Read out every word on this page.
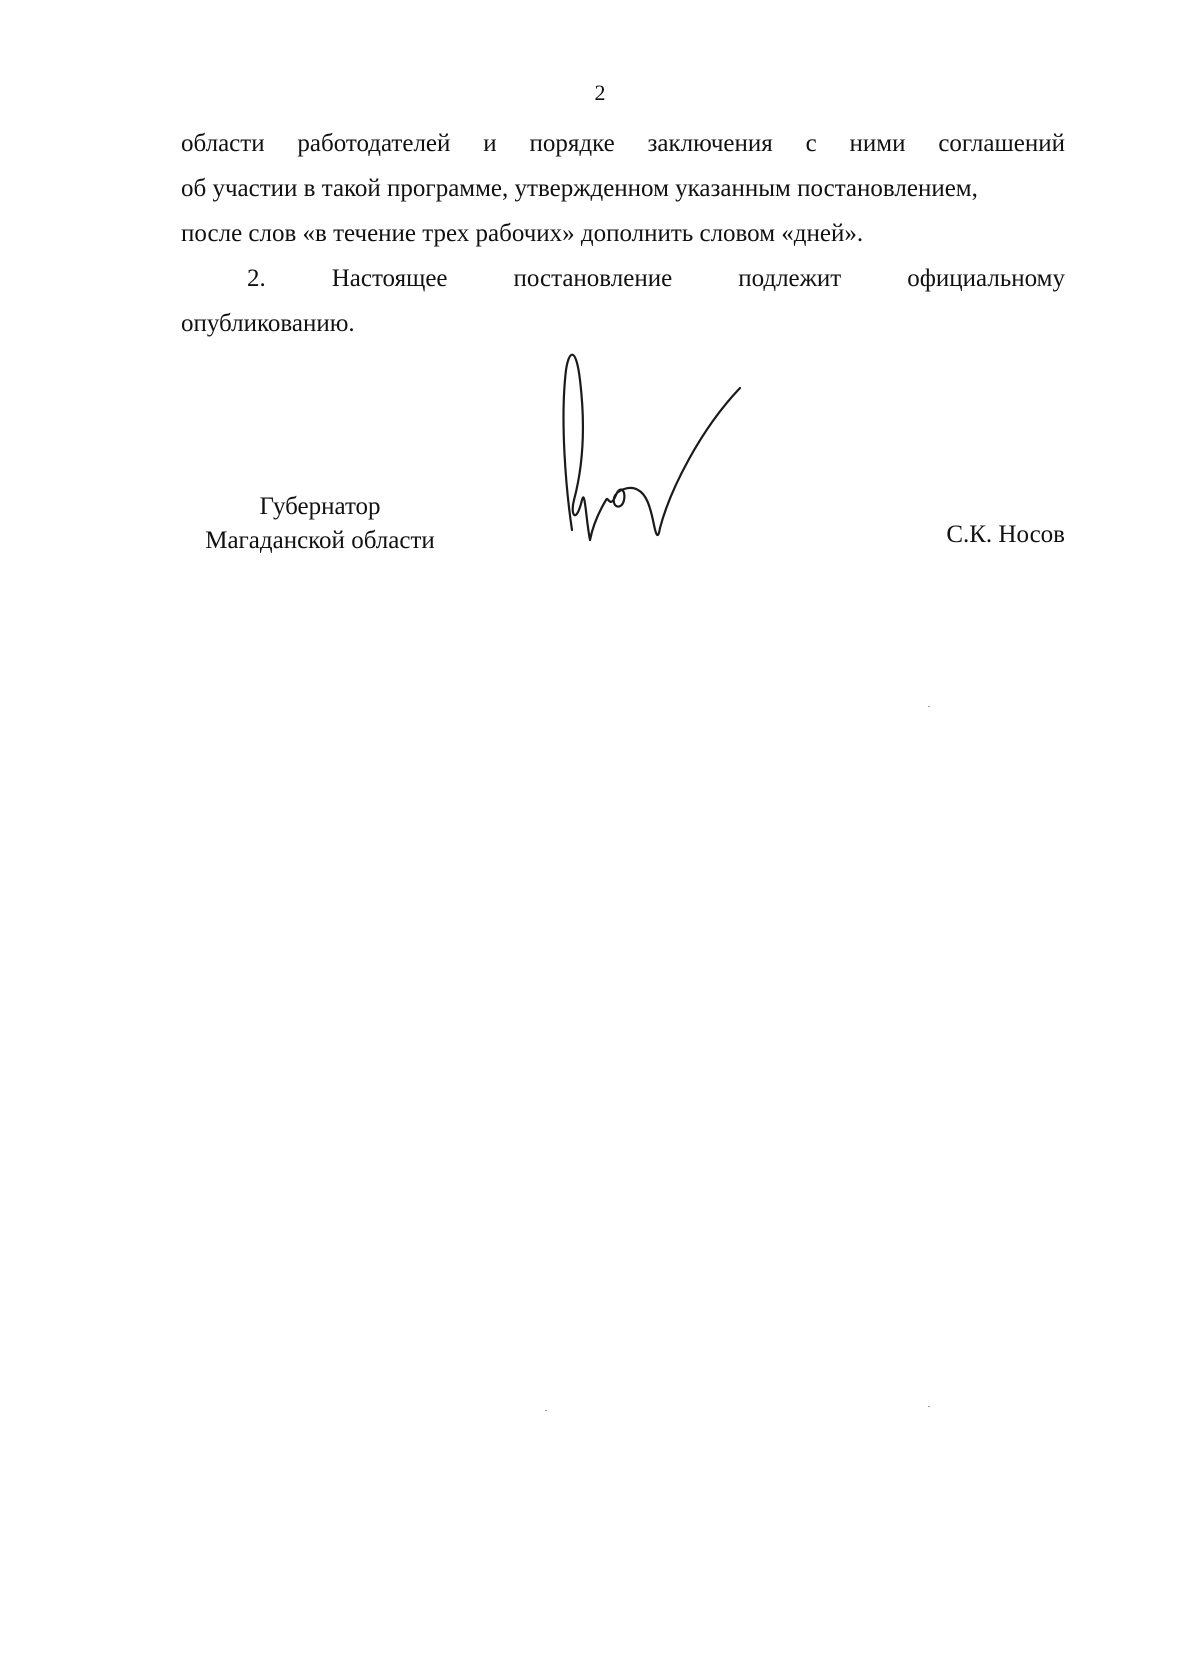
2
области работодателей и порядке заключения с ними соглашений
об участии в такой программе, утвержденном указанным постановлением,
после слов «в течение трех рабочих» дополнить словом «дней».
2.	Настоящее	постановление	подлежит	официальному
опубликованию.
Губернатор
Магаданской области	С.К. Носов
